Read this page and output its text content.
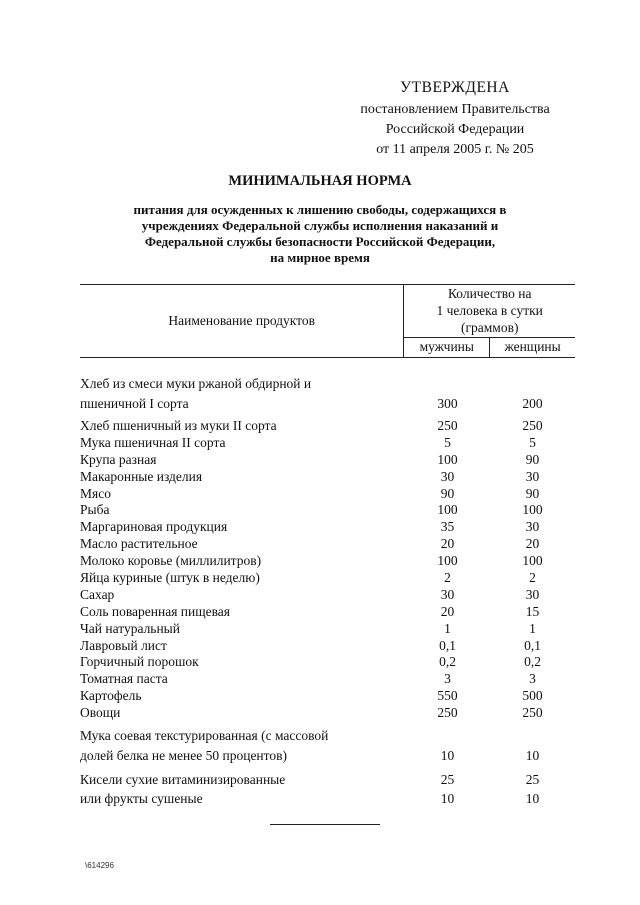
УТВЕРЖДЕНА
постановлением Правительства
Российской Федерации
от 11 апреля 2005 г. № 205
МИНИМАЛЬНАЯ НОРМА
питания для осужденных к лишению свободы, содержащихся в
учреждениях Федеральной службы исполнения наказаний и
Федеральной службы безопасности Российской Федерации,
на мирное время
Наименование продуктов	Количество на
1 человека в сутки
(граммов)	

	мужчины	женщины
Хлеб из смеси муки ржаной обдирной и
пшеничной I сорта	300	200
Хлеб пшеничный из муки II сорта	250	250
Мука пшеничная II сорта	5	5
Крупа разная	100	90
Макаронные изделия	30	30
Мясо	90	90
Рыба	100	100
Маргариновая продукция	35	30
Масло растительное	20	20
Молоко коровье (миллилитров)	100	100
Яйца куриные (штук в неделю)	2	2
Сахар	30	30
Соль поваренная пищевая	20	15
Чай натуральный	1	1
Лавровый лист	0,1	0,1
Горчичный порошок	0,2	0,2
Томатная паста	3	3
Картофель	550	500
Овощи	250	250
Мука соевая текстурированная (с массовой
долей белка не менее 50 процентов)	10	10
Кисели сухие витаминизированные	25	25
или фрукты сушеные	10	10
\614296
